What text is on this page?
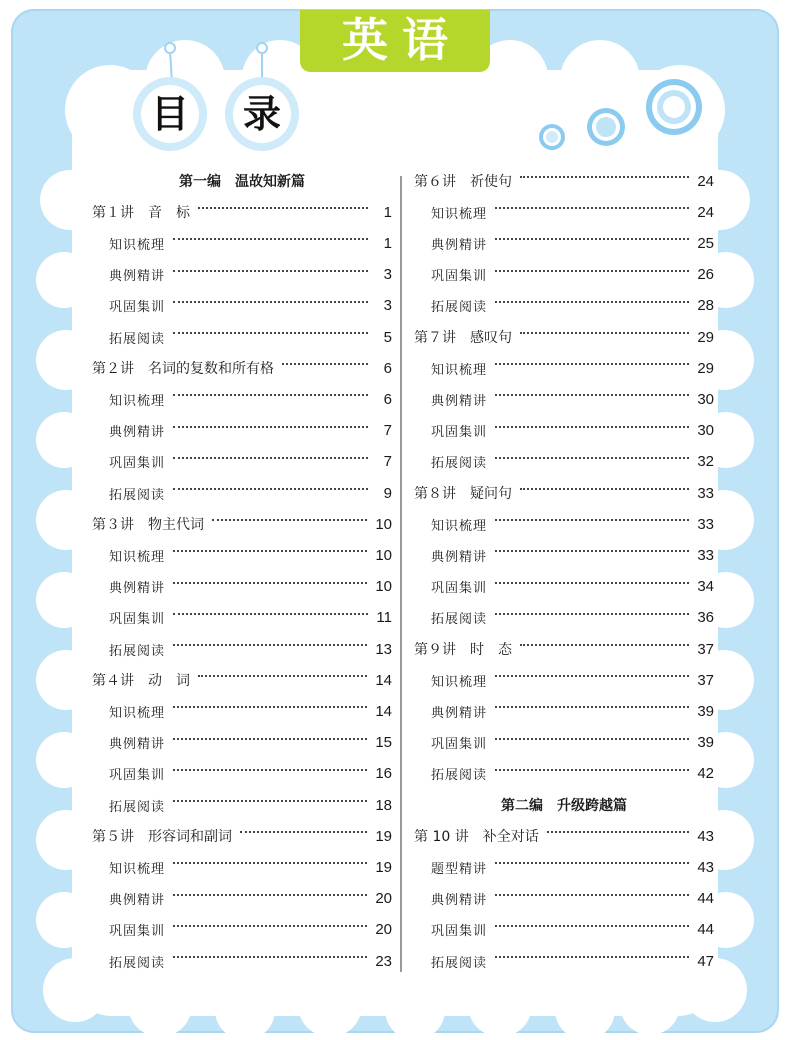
英语
目	录
第一编　温故知新篇
第１讲　音　标	1
知识梳理	1
典例精讲	3
巩固集训	3
拓展阅读	5
第２讲　名词的复数和所有格	6
知识梳理	6
典例精讲	7
巩固集训	7
拓展阅读	9
第３讲　物主代词	10
知识梳理	10
典例精讲	10
巩固集训	11
拓展阅读	13
第４讲　动　词	14
知识梳理	14
典例精讲	15
巩固集训	16
拓展阅读	18
第５讲　形容词和副词	19
知识梳理	19
典例精讲	20
巩固集训	20
拓展阅读	23
第６讲　祈使句	24
知识梳理	24
典例精讲	25
巩固集训	26
拓展阅读	28
第７讲　感叹句	29
知识梳理	29
典例精讲	30
巩固集训	30
拓展阅读	32
第８讲　疑问句	33
知识梳理	33
典例精讲	33
巩固集训	34
拓展阅读	36
第９讲　时　态	37
知识梳理	37
典例精讲	39
巩固集训	39
拓展阅读	42
第二编　升级跨越篇
第 10 讲　补全对话	43
题型精讲	43
典例精讲	44
巩固集训	44
拓展阅读	47
